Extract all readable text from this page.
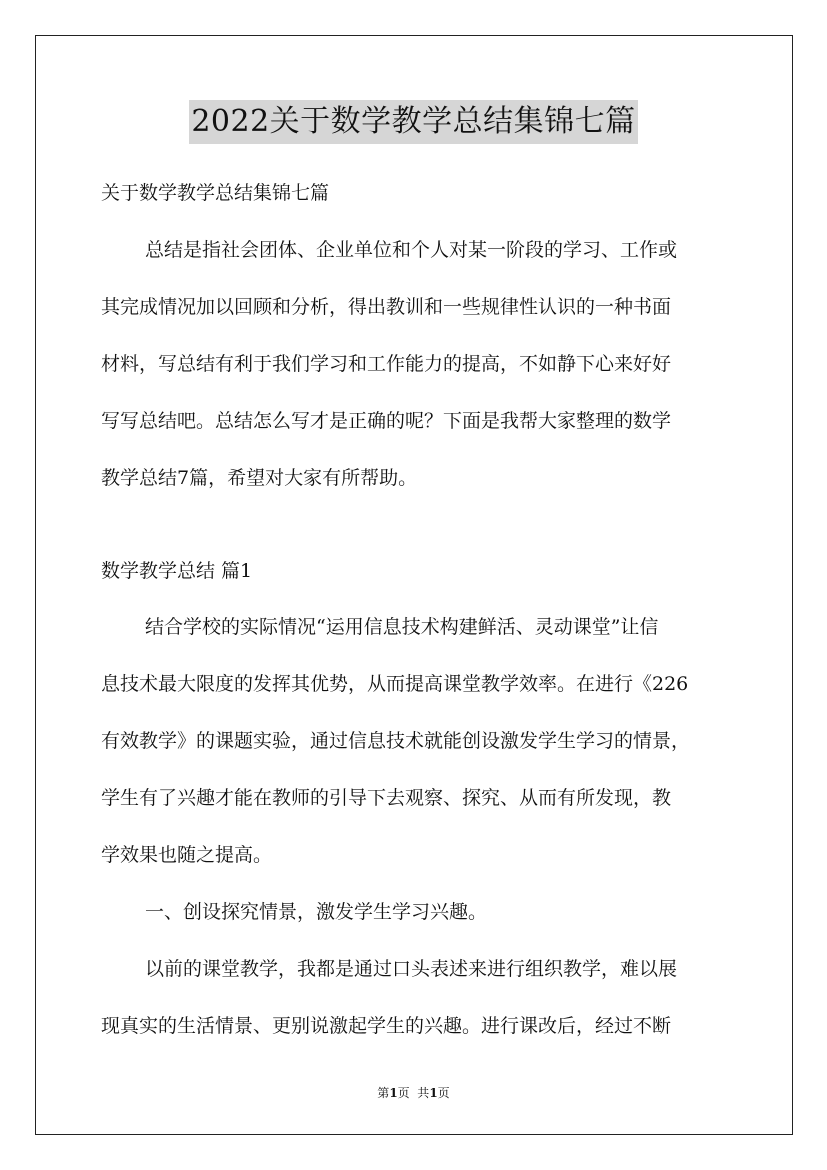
2022关于数学教学总结集锦七篇
关于数学教学总结集锦七篇
总结是指社会团体、企业单位和个人对某一阶段的学习、工作或
其完成情况加以回顾和分析，得出教训和一些规律性认识的一种书面
材料，写总结有利于我们学习和工作能力的提高，不如静下心来好好
写写总结吧。总结怎么写才是正确的呢？下面是我帮大家整理的数学
教学总结7篇，希望对大家有所帮助。
数学教学总结 篇1
结合学校的实际情况“运用信息技术构建鲜活、灵动课堂”让信
息技术最大限度的发挥其优势，从而提高课堂教学效率。在进行《226
有效教学》的课题实验，通过信息技术就能创设激发学生学习的情景，
学生有了兴趣才能在教师的引导下去观察、探究、从而有所发现，教
学效果也随之提高。
一、创设探究情景，激发学生学习兴趣。
以前的课堂教学，我都是通过口头表述来进行组织教学，难以展
现真实的生活情景、更别说激起学生的兴趣。进行课改后，经过不断
第1页  共1页
